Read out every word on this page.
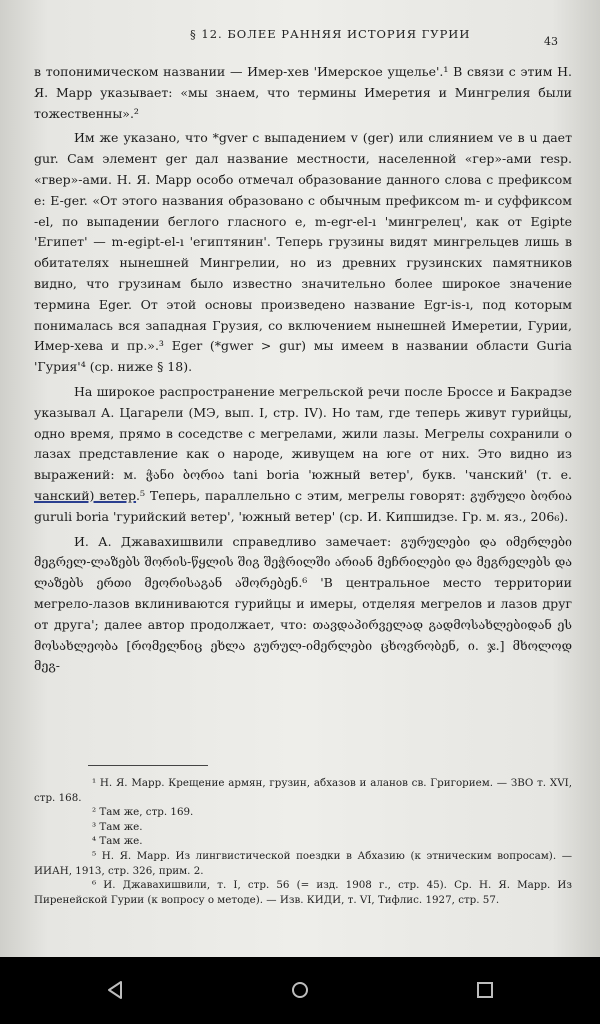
§ 12. БОЛЕЕ РАННЯЯ ИСТОРИЯ ГУРИИ
43

в топонимическом названии — Имер-хев 'Имерское ущелье'.¹ В связи с этим Н. Я. Марр указывает: «мы знаем, что термины Имеретия и Мингрелия были тожественны».²

Им же указано, что *gver с выпадением v (ger) или слиянием ve в u дает gur. Сам элемент ger дал название местности, населенной «гер»-ами resp. «гвер»-ами. Н. Я. Марр особо отмечал образование данного слова с префиксом е: E-ger. «От этого названия образовано с обычным префиксом m- и суффиксом -el, по выпадении беглого гласного е, m-egr-el-ı 'мингрелец', как от Egipte 'Египет' — m-egipt-el-ı 'египтянин'. Теперь грузины видят мингрельцев лишь в обитателях нынешней Мингрелии, но из древних грузинских памятников видно, что грузинам было известно значительно более широкое значение термина Eger. От этой основы произведено название Egr-is-ı, под которым понималась вся западная Грузия, со включением нынешней Имеретии, Гурии, Имер-хева и пр.».³ Eger (*gwer > gur) мы имеем в названии области Guria 'Гурия'⁴ (ср. ниже § 18).

На широкое распространение мегрельской речи после Броссе и Бакрадзе указывал А. Цагарели (МЭ, вып. I, стр. IV). Но там, где теперь живут гурийцы, одно время, прямо в соседстве с мегрелами, жили лазы. Мегрелы сохранили о лазах представление как о народе, живущем на юге от них. Это видно из выражений: м. ჭანი ბორია tani boria 'южный ветер', букв. 'чанский' (т. е. чанский) ветер.⁵ Теперь, параллельно с этим, мегрелы говорят: გურული ბორია guruli boria 'гурийский ветер', 'южный ветер' (ср. И. Кипшидзе. Гр. м. яз., 206₆).

И. А. Джавахишвили справедливо замечает: გურულები და იმერლები მეგრელ-ლაზებს შორის-წყლის შიგ შეჭრილში არიან მეჩრილები და მეგრელებს და ლაზებს ერთი მეორისაგან აშორებენ.⁶ 'В центральное место территории мегрело-лазов вклиниваются гурийцы и имеры, отделяя мегрелов и лазов друг от друга'; далее автор продолжает, что: თავდაპირველად გადმოსახლებიდან ეს მოსახლეობა [რომელნიც ეხლა გურულ-იმერლები ცხოვრობენ, ი. ჯ.] მხოლოდ მეგ-

¹ Н. Я. Марр. Крещение армян, грузин, абхазов и аланов св. Григорием. — ЗВО т. XVI, стр. 168.

² Там же, стр. 169.

³ Там же.

⁴ Там же.

⁵ Н. Я. Марр. Из лингвистической поездки в Абхазию (к этническим вопросам). — ИИАН, 1913, стр. 326, прим. 2.

⁶ И. Джавахишвили, т. I, стр. 56 (= изд. 1908 г., стр. 45). Ср. Н. Я. Марр. Из Пиренейской Гурии (к вопросу о методе). — Изв. КИДИ, т. VI, Тифлис. 1927, стр. 57.
